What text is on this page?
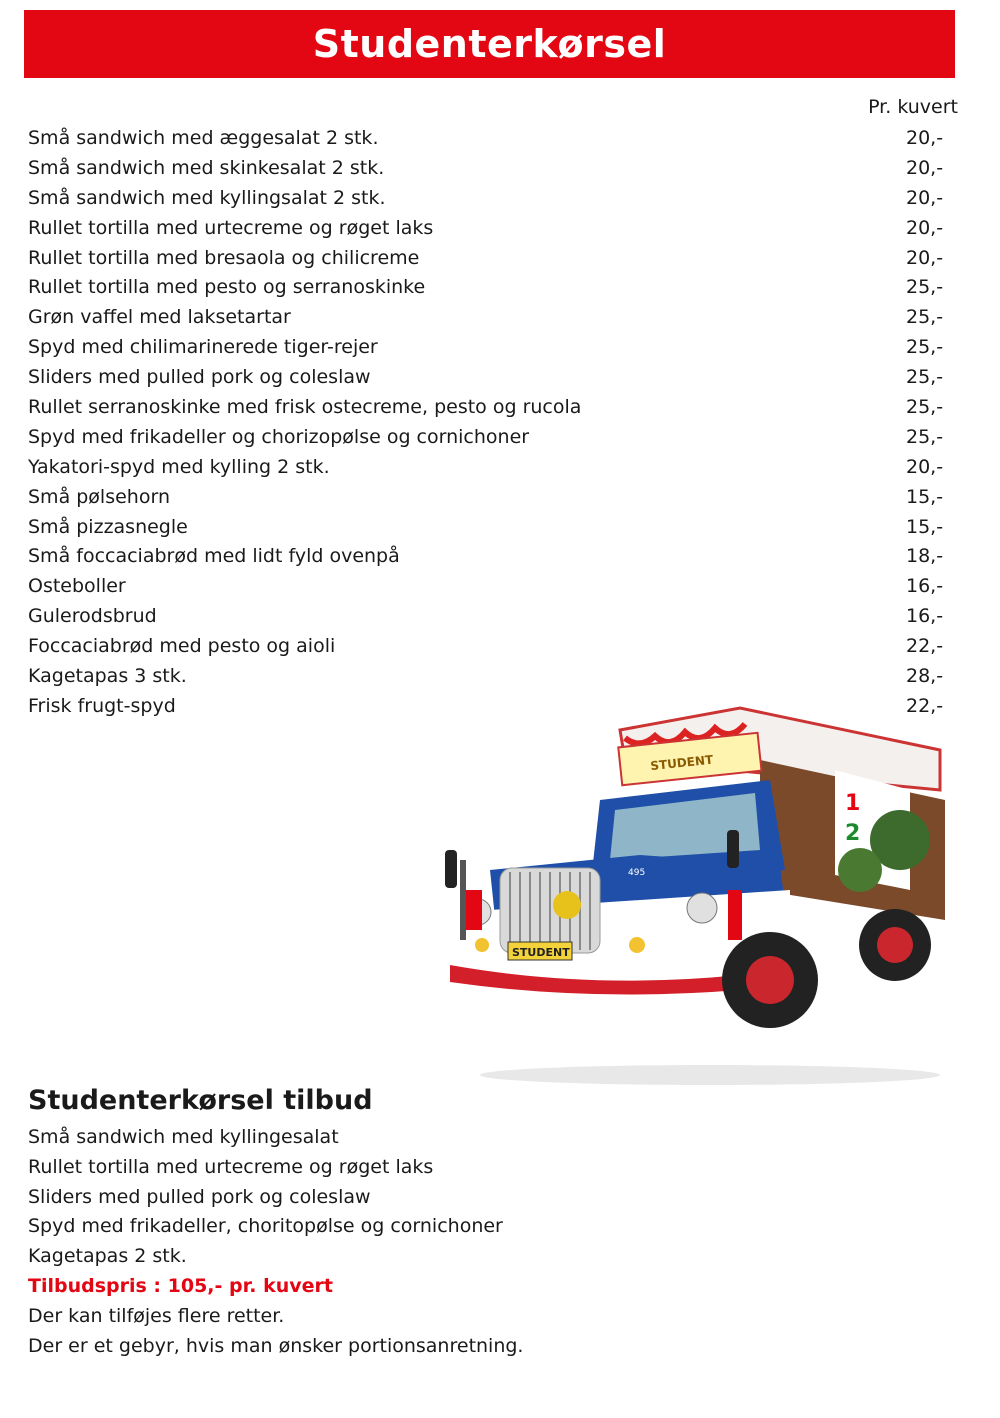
Studenterkørsel
Pr. kuvert
Små sandwich med æggesalat 2 stk.	20,-
Små sandwich med skinkesalat 2 stk.	20,-
Små sandwich med kyllingsalat 2 stk.	20,-
Rullet tortilla med urtecreme og røget laks	20,-
Rullet tortilla med bresaola og chilicreme	20,-
Rullet tortilla med pesto og serranoskinke	25,-
Grøn vaffel med laksetartar	25,-
Spyd med chilimarinerede tiger-rejer	25,-
Sliders med pulled pork og coleslaw	25,-
Rullet serranoskinke med frisk ostecreme, pesto og rucola	25,-
Spyd med frikadeller og chorizopølse og cornichoner	25,-
Yakatori-spyd med kylling 2 stk.	20,-
Små pølsehorn	15,-
Små pizzasnegle	15,-
Små foccaciabrød med lidt fyld ovenpå	18,-
Osteboller	16,-
Gulerodsbrud	16,-
Foccaciabrød med pesto og aioli	22,-
Kagetapas 3 stk.	28,-
Frisk frugt-spyd	22,-
1
2
STUDENT
495
STUDENT
Studenterkørsel tilbud
Små sandwich med kyllingesalat
Rullet tortilla med urtecreme og røget laks
Sliders med pulled pork og coleslaw
Spyd med frikadeller, choritopølse og cornichoner
Kagetapas 2 stk.

Tilbudspris : 105,- pr. kuvert

Der kan tilføjes flere retter.

Der er et gebyr, hvis man ønsker portionsanretning.
